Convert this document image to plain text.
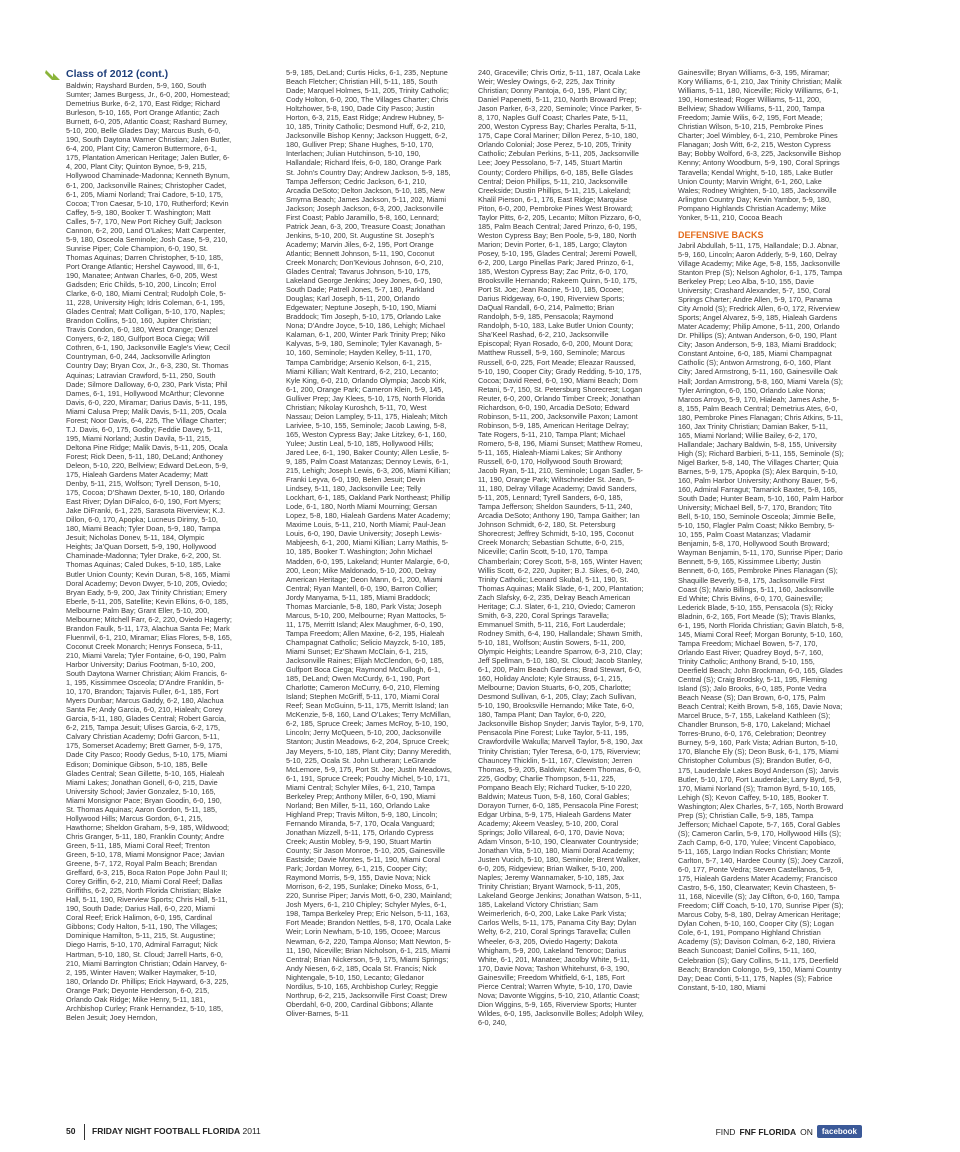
Class of 2012 (cont.)
Baldwin; Rayshard Burden, 5-9, 160, South Sumter; James Burgess, Jr., 6-0, 200, Homestead; Demetrius Burke, 6-2, 170, East Ridge; Richard Burleson, 5-10, 165, Port Orange Atlantic; Zach Burnett, 6-0, 205, Atlantic Coast; Rashard Burney, 5-10, 200, Belle Glades Day; Marcus Bush, 6-0, 190, South Daytona Warner Christian; Jalen Butler, 6-4, 200, Plant City; Cameron Buttermore, 6-1, 175, Plantation American Heritage; Jalen Butler, 6-4, 200, Plant City; Quinton Bynoe, 5-9, 215, Hollywood Chaminade-Madonna; Kenneth Bynum, 6-1, 200, Jacksonville Raines; Christopher Cadet, 6-1, 205, Miami Norland; Trai Cadore, 5-10, 175, Cocoa; T’ron Caesar, 5-10, 170, Rutherford; Kevin Caffey, 5-9, 180, Booker T. Washington; Matt Calles, 5-7, 170, New Port Richey Gulf; Jackson Cannon, 6-2, 200, Land O’Lakes; Matt Carpenter, 5-9, 180, Osceola Seminole; Josh Case, 5-9, 210, Sunrise Piper; Cole Champion, 6-0, 190, St. Thomas Aquinas; Darren Christopher, 5-10, 185, Port Orange Atlantic; Hershel Caywood, III, 6-1, 190, Manatee; Antwan Charles, 6-0, 205, West Gadsden; Eric Childs, 5-10, 200, Lincoln; Errol Clarke, 6-0, 180, Miami Central; Rudolph Cole, 5-11, 228, University High; Idris Coleman, 6-1, 195, Glades Central; Matt Colligan, 5-10, 170, Naples; Brandon Collins, 5-10, 160, Jupiter Christian; Travis Condon, 6-0, 180, West Orange; Denzel Conyers, 6-2, 180, Gulfport Boca Ciega; Will Cothren, 6-1, 190, Jacksonville Eagle’s View; Cecil Countryman, 6-0, 244, Jacksonville Arlington Country Day; Bryan Cox, Jr., 6-3, 230, St. Thomas Aquinas; Latravian Crawford, 5-11, 250, South Dade; Silmore Dalloway, 6-0, 230, Park Vista; Phil Dames, 6-1, 191, Hollywood McArthur; Clevonne Davis, 6-0, 220, Miramar; Darius Davis, 5-11, 195, Miami Calusa Prep; Malik Davis, 5-11, 205, Ocala Forest; Noor Davis, 6-4, 225, The Village Charter; T.J. Davis, 6-0, 175, Godby; Feddie Davey, 5-11, 195, Miami Norland; Justin Davila, 5-11, 215, Deltona Pine Ridge; Malik Davis, 5-11, 205, Ocala Forest; Rick Deen, 5-11, 180, DeLand; Anthoney Deleon, 5-10, 220, Bellview; Edward DeLeon, 5-9, 175, Hialeah Gardens Mater Academy; Matt Denby, 5-11, 215, Wolfson; Tyrell Denson, 5-10, 175, Cocoa; D’Shawn Dexter, 5-10, 180, Orlando East River; Dylan DiFalco, 6-0, 190, Fort Myers; Jake DiFranki, 6-1, 225, Sarasota Riverview; K.J. Dillon, 6-0, 170, Apopka; Lucneus Dirimy, 5-10, 180, Miami Beach; Tyler Doan, 5-9, 180, Tampa Jesuit; Nicholas Donev, 5-11, 184, Olympic Heights; Ja’Quan Dorsett, 5-9, 190, Hollywood Chaminade-Madonna; Tyler Drake, 6-2, 200, St. Thomas Aquinas; Caled Dukes, 5-10, 185, Lake Butler Union County; Kevin Duran, 5-8, 165, Miami Doral Academy; Devon Dwyer, 5-10, 205, Oviedo; Bryan Eady, 5-9, 200, Jax Trinity Christian; Emery Eberle, 5-11, 205, Satellite; Kevin Elkins, 6-0, 185, Melbourne Palm Bay; Grant Eller, 5-10, 200, Melbourne; Mitchell Farr, 6-2, 220, Oviedo Hagerty; Brandon Faulk, 5-11, 173, Alachua Santa Fe; Mark Fluennvil, 6-1, 210, Miramar; Elias Flores, 5-8, 165, Coconut Creek Monarch; Henrys Fonseca, 5-11, 210, Miami Varela; Tyler Fontaine, 6-0, 190, Palm Harbor University; Darius Footman, 5-10, 200, South Daytona Warner Christian; Akim Francis, 6-1, 195, Kissimmee Osceola; D’Andre Franklin, 5-10, 170, Brandon; Tajarvis Fuller, 6-1, 185, Fort Myers Dunbar; Marcus Gaddy, 6-2, 180, Alachua Santa Fe; Andy Garcia, 6-0, 210, Hialeah; Corey Garcia, 5-11, 180, Glades Central; Robert Garcia, 6-2, 215, Tampa Jesuit; Ulises Garcia, 6-2, 175, Calvary Christian Academy; Dofri Garcon, 5-11, 175, Somerset Academy; Brett Garner, 5-9, 175, Dade City Pasco; Roody Gedus, 5-10, 175, Miami Edison; Dominique Gibson, 5-10, 185, Belle Glades Central; Sean Gillette, 5-10, 165, Hialeah Miami Lakes; Jonathan Gonell, 6-0, 215, Davie University School; Javier Gonzalez, 5-10, 165, Miami Monsignor Pace; Bryan Goodin, 6-0, 190, St. Thomas Aquinas; Aaron Gordon, 5-11, 185, Hollywood Hills; Marcus Gordon, 6-1, 215, Hawthorne; Sheldon Graham, 5-9, 185, Wildwood; Chris Granger, 5-11, 180, Franklin County; Andre Green, 5-11, 185, Miami Coral Reef; Trenton Green, 5-10, 178, Miami Monsignor Pace; Javian Greene, 5-7, 172, Royal Palm Beach; Brendan Greffard, 6-3, 215, Boca Raton Pope John Paul II; Corey Griffin, 6-2, 210, Miami Coral Reef; Dallas Griffiths, 6-2, 225, North Florida Christian; Blake Hall, 5-11, 190, Riverview Sports; Chris Hall, 5-11, 190, South Dade; Darius Hall, 6-0, 220, Miami Coral Reef; Erick Halimon, 6-0, 195, Cardinal Gibbons; Cody Halton, 5-11, 190, The Villages; Dominique Hamilton, 5-11, 215, St. Augustine; Diego Harris, 5-10, 170, Admiral Farragut; Nick Hartman, 5-10, 180, St. Cloud; Jarrell Harts, 6-0, 210, Miami Barrington Christian; Odain Harvey, 6-2, 195, Winter Haven; Walker Haymaker, 5-10, 180, Orlando Dr. Phillips; Erick Hayward, 6-3, 225, Orange Park; Deyonte Henderson, 6-0, 215, Orlando Oak Ridge; Mike Henry, 5-11, 181, Archbishop Curley; Frank Hernandez, 5-10, 185, Belen Jesuit; Joey Herndon,
5-9, 185, DeLand; Curtis Hicks, 6-1, 235, Neptune Beach Fletcher; Christian Hill, 5-11, 185, South Dade; Marquel Holmes, 5-11, 205, Trinity Catholic; Cody Holton, 6-0, 200, The Villages Charter; Chris Holtzhower, 5-8, 190, Dade City Pasco; Justin Horton, 6-3, 215, East Ridge; Andrew Hubney, 5-10, 185, Trinity Catholic; Desmond Huff, 6-2, 210, Jacksonville Bishop Kenny; Jackson Huggett, 6-2, 180, Gulliver Prep; Shane Hughes, 5-10, 170, Interlachen; Julian Hutchinson, 5-10, 190, Hallandale; Richard Ifeis, 6-0, 180, Orange Park St. John’s Country Day; Andrew Jackson, 5-9, 185, Tampa Jefferson; Cedric Jackson, 6-1, 210, Arcadia DeSoto; Delton Jackson, 5-10, 185, New Smyrna Beach; James Jackson, 5-11, 202, Miami Jackson; Joseph Jackson, 6-3, 200, Jacksonville First Coast; Pablo Jaramillo, 5-8, 160, Lennard; Patrick Jean, 6-3, 200, Treasure Coast; Jonathan Jenkins, 5-10, 200, St. Augustine St. Joseph’s Academy; Marvin Jiles, 6-2, 195, Port Orange Atlantic; Bennett Johnson, 5-11, 190, Coconut Creek Monarch; Don’Kevious Johnson, 6-0, 210, Glades Central; Tavarus Johnson, 5-10, 175, Lakeland George Jenkins; Joey Jones, 6-0, 190, South Dade; Patrell Jones, 5-7, 180, Parkland Douglas; Karl Joseph, 5-11, 200, Orlando Edgewater; Neptune Joseph, 5-10, 190, Miami Braddock; Tim Joseph, 5-10, 175, Orlando Lake Nona; D’Andre Joyce, 5-10, 186, Lehigh; Michael Kalaman, 6-1, 200, Winter Park Trinity Prep; Niko Kalyvas, 5-9, 180, Seminole; Tyler Kavanagh, 5-10, 160, Seminole; Hayden Kelley, 5-11, 170, Tampa Cambridge; Arsenio Kelson, 6-1, 215, Miami Killian; Walt Kentrard, 6-2, 210, Lecanto; Kyle King, 6-0, 210, Orlando Olympia; Jacob Kirk, 6-1, 200, Orange Park; Cameron Klein, 5-9, 145, Gulliver Prep; Jay Klees, 5-10, 175, North Florida Christian; Nikolay Kuroshch, 5-11, 70, West Nassau; Deion Lampley, 5-11, 175, Hialeah; Mitch Lariviee, 5-10, 155, Seminole; Jacob Lawing, 5-8, 165, Weston Cypress Bay; Jake Litzkey, 6-1, 160, Yulee; Justin Leal, 5-10, 185, Hollywood Hills; Jared Lee, 6-1, 190, Baker County; Allen Leslie, 5-9, 185, Palm Coast Matanzas; Dennoy Lewis, 6-1, 215, Lehigh; Joseph Lewis, 6-3, 206, Miami Killian; Franki Leyva, 6-0, 190, Belen Jesuit; Devin Lindsey, 5-11, 180, Jacksonville Lee; Telly Lockhart, 6-1, 185, Oakland Park Northeast; Phillip Lode, 6-1, 180, North Miami Mourning; Gersan Lopez, 5-8, 180, Hialeah Gardens Mater Academy; Maxime Louis, 5-11, 210, North Miami; Paul-Jean Louis, 6-0, 190, Davie University; Joseph Lewis-Mabjeesh, 6-1, 200, Miami Killian; Larry Mathis, 5-10, 185, Booker T. Washington; John Michael Madden, 6-0, 195, Lakeland; Hunter Malargie, 6-0, 200, Leon; Mike Maldonado, 5-10, 200, Delray American Heritage; Deon Mann, 6-1, 200, Miami Central; Ryan Mantell, 6-0, 190, Barron Collier; Jordy Manyama, 5-11, 185, Miami Braddock; Thomas Marcianle, 5-8, 180, Park Vista; Joseph Marcus, 5-10, 200, Melbourne; Ryan Mattocks, 5-11, 175, Merritt Island; Alex Maughmer, 6-0, 190, Tampa Freedom; Allen Maxine, 6-2, 195, Hialeah Champagnat Catholic; Selicio Mayzck, 5-10, 185, Miami Sunset; Ez’Shawn McClain, 6-1, 215, Jacksonville Raines; Elijah McClendon, 6-0, 185, Gulfport Boca Ciega; Raymond McCullogh, 6-1, 185, DeLand; Owen McCurdy, 6-1, 190, Port Charlotte; Cameron McCurry, 6-0, 210, Fleming Island; Stephen McGriff, 5-11, 170, Miami Coral Reef; Sean McGuinn, 5-11, 175, Merritt Island; Ian McKenzie, 5-8, 160, Land O’Lakes; Terry McMillan, 6-2, 185, Spruce Creek; James McRoy, 5-10, 190, Lincoln; Jerry McQueen, 5-10, 200, Jacksonville Stanton; Justin Meadows, 6-2, 204, Spruce Creek; Jay Meyers, 5-10, 185, Plant City; Danny Meredith, 5-10, 225, Ocala St. John Lutheran; LeGrande McLemore, 5-9, 175, Port St. Joe; Justin Meadows, 6-1, 191, Spruce Creek; Pouchy Michel, 5-10, 171, Miami Central; Schyler Miles, 6-1, 210, Tampa Berkeley Prep; Anthony Miller, 6-0, 190, Miami Norland; Ben Miller, 5-11, 160, Orlando Lake Highland Prep; Travis Milton, 5-9, 180, Lincoln; Fernando Miranda, 5-7, 170, Ocala Vanguard; Jonathan Mizzell, 5-11, 175, Orlando Cypress Creek; Austin Mobley, 5-9, 190, Stuart Martin County; Sir Jason Monroe, 5-10, 205, Gainesville Eastside; Davie Montes, 5-11, 190, Miami Coral Park; Jordan Morrey, 6-1, 215, Cooper City; Raymond Morris, 5-9, 155, Davie Nova; Nick Morrison, 6-2, 195, Sunlake; Dineko Moss, 6-1, 220, Sunrise Piper; Jarvis Mott, 6-0, 230, Mainland; Josh Myers, 6-1, 210 Chipley; Schyler Myles, 6-1, 198, Tampa Berkeley Prep; Eric Nelson, 5-11, 163, Fort Meade; Brandon Nettles, 5-8, 170, Ocala Lake Weir; Lorin Newham, 5-10, 195, Ocoee; Marcus Newman, 6-2, 220, Tampa Alonso; Matt Newton, 5-11, 190, Niceville; Brian Nicholson, 6-1, 215, Miami Central; Brian Nickerson, 5-9, 175, Miami Springs; Andy Niesen, 6-2, 185, Ocala St. Francis; Nick Nightengale, 5-10, 150, Lecanto; Gledanor Nordilus, 5-10, 165, Archbishop Curley; Reggie Northrup, 6-2, 215, Jacksonville First Coast; Drew Oberdahl, 6-0, 200, Cardinal Gibbons; Allante Oliver-Barnes, 5-11
240, Graceville; Chris Ortiz, 5-11, 187, Ocala Lake Weir; Wesley Owings, 6-2, 225, Jax Trinity Christian; Donny Pantoja, 6-0, 195, Plant City; Daniel Papenetti, 5-11, 210, North Broward Prep; Jason Parker, 6-3, 220, Seminole; Vince Parker, 5-8, 170, Naples Gulf Coast; Charles Pate, 5-11, 200, Weston Cypress Bay; Charles Peralta, 5-11, 175, Cape Coral Mariner; Dillon Perez, 5-10, 180, Orlando Colonial; Jose Perez, 5-10, 205, Trinity Catholic; Zebulan Perkins, 5-11, 205, Jacksonville Lee; Joey Pessolano, 5-7, 145, Stuart Martin County; Cordero Phillips, 6-0, 185, Belle Glades Central; Deion Phillips, 5-11, 210, Jacksonville Creekside; Dustin Phillips, 5-11, 215, Lakeland; Khalil Pierson, 6-1, 176, East Ridge; Marquise Piton, 6-0, 200, Pembroke Pines West Broward; Taylor Pitts, 6-2, 205, Lecanto; Milton Pizzaro, 6-0, 185, Palm Beach Central; Jared Prinzo, 6-0, 195, Weston Cypress Bay; Ben Poole, 5-9, 180, North Marion; Devin Porter, 6-1, 185, Largo; Clayton Posey, 5-10, 195, Glades Central; Jeremi Powell, 6-2, 200, Largo Pinellas Park; Jared Prinzo, 6-1, 185, Weston Cypress Bay; Zac Pritz, 6-0, 170, Brooksville Hernando; Rakeem Quinn, 5-10, 175, Port St. Joe; Jean Racine, 5-10, 185, Ocoee; Darius Ridgeway, 6-0, 190, Riverview Sports; DaQual Randall, 6-0, 214, Palmetto; Brian Randolph, 5-9, 185, Pensacola; Raymond Randolph, 5-10, 183, Lake Butler Union County; Sha’Keel Rashad, 6-2, 210, Jacksonville Episcopal; Ryan Rosado, 6-0, 200, Mount Dora; Matthew Russell, 5-9, 160, Seminole; Marcus Russell, 6-0, 225, Fort Meade; Eleazar Raussed, 5-10, 190, Cooper City; Grady Redding, 5-10, 175, Cocoa; David Reed, 6-0, 190, Miami Beach; Dom Retani, 5-7, 150, St. Petersburg Shorecrest; Logan Reuter, 6-0, 200, Orlando Timber Creek; Jonathan Richardson, 6-0, 190, Arcadia DeSoto; Edward Robinson, 5-11, 200, Jacksonville Paxon; Lamont Robinson, 5-9, 185, American Heritage Delray; Tate Rogers, 5-11, 210, Tampa Plant; Michael Romero, 5-8, 196, Miami Sunset; Matthew Romeu, 5-11, 165, Hialeah-Miami Lakes; Sir Anthony Russell, 6-0, 170, Hollywood South Broward; Jacob Ryan, 5-11, 210, Seminole; Logan Sadler, 5-11, 190, Orange Park; Wiltschneider St. Jean, 5-11, 180, Delray Village Academy; David Sanders, 5-11, 205, Lennard; Tyrell Sanders, 6-0, 185, Tampa Jefferson; Sheldon Saunders, 5-11, 240, Arcadia DeSoto; Anthony 190, Tampa Gaither; Ian Johnson Schmidt, 6-2, 180, St. Petersburg Shorecrest; Jeffrey Schmidt, 5-10, 195, Coconut Creek Monarch; Sebastian Schutte, 6-0, 215, Niceville; Carlin Scott, 5-10, 170, Tampa Chamberlain; Corey Scott, 5-8, 165, Winter Haven; Willis Scott, 6-2, 220, Jupiter; B.J. Sikes, 6-0, 240, Trinity Catholic; Leonard Skubal, 5-11, 190, St. Thomas Aquinas; Malik Slade, 6-1, 200, Plantation; Zach Slafsky, 6-2, 235, Delray Beach American Heritage; C.J. Slater, 6-1, 210, Oviedo; Cameron Smith, 6-3, 220, Coral Springs Taravella; Emmanuel Smith, 5-11, 216, Fort Lauderdale; Rodney Smith, 6-4, 190, Hallandale; Shawn Smith, 5-10, 181, Wolfson; Austin Sowers, 5-11, 200, Olympic Heights; Leandre Sparrow, 6-3, 210, Clay; Jeff Spellman, 5-10, 180, St. Cloud; Jacob Stanley, 6-1, 200, Palm Beach Gardens; Brad Stewart, 6-0, 160, Holiday Anclote; Kyle Strauss, 6-1, 215, Melbourne; Davion Stuarts, 6-0, 205, Charlotte; Desmond Sullivan, 6-1, 205, Clay; Zach Sullivan, 5-10, 190, Brooksville Hernando; Mike Tate, 6-0, 180, Tampa Plant; Dan Taylor, 6-0, 220, Jacksonville Bishop Snyder; Jarvis Taylor, 5-9, 170, Pensacola Pine Forest; Luke Taylor, 5-11, 195, Crawfordville Wakulla; Marvell Taylor, 5-8, 190, Jax Trinity Christian; Tyler Teresa, 6-0, 175, Riverview; Chauncey Thicklin, 5-11, 167, Clewiston; Jerren Thomas, 5-9, 205, Baldwin; Kadeem Thomas, 6-0, 225, Godby; Charlie Thompson, 5-11, 225, Pompano Beach Ely; Richard Tucker, 5-10 220, Baldwin; Mateus Tuon, 5-8, 160, Coral Gables; Dorayon Turner, 6-0, 185, Pensacola Pine Forest; Edgar Urbina, 5-9, 175, Hialeah Gardens Mater Academy; Akeem Veasley, 5-10, 200, Coral Springs; Jollo Villareal, 6-0, 170, Davie Nova; Adam Vinson, 5-10, 190, Clearwater Countryside; Jonathan Vita, 5-10, 180, Miami Doral Academy; Justen Vucich, 5-10, 180, Seminole; Brent Walker, 6-0, 205, Ridgeview; Brian Walker, 5-10, 200, Naples; Jeremy Wannamaker, 5-10, 185, Jax Trinity Christian; Bryant Warnock, 5-11, 205, Lakeland George Jenkins; Jonathan Watson, 5-11, 185, Lakeland Victory Christian; Sam Weimerlerich, 6-0, 200, Lake Lake Park Vista; Carlos Wells, 5-11, 175, Panama City Bay; Dylan Welty, 6-2, 210, Coral Springs Taravella; Cullen Wheeler, 6-3, 205, Oviedo Hagerty; Dakota Whigham, 5-9, 200, Lakeland Tenoroc; Darius White, 6-1, 201, Manatee; Jacolby White, 5-11, 170, Davie Nova; Tashon Whitehurst, 6-3, 190, Gainesville; Freedom Whitfield, 6-1, 185, Fort Pierce Central; Warren Whyte, 5-10, 170, Davie Nova; Davonte Wiggins, 5-10, 210, Atlantic Coast; Dion Wiggins, 5-9, 165, Riverview Sports; Hunter Wildes, 6-0, 195, Jacksonville Bolles; Adolph Wiley, 6-0, 240,
Gainesville; Bryan Williams, 6-3, 195, Miramar; Kory Williams, 6-1, 210, Jax Trinity Christian; Malik Williams, 5-11, 180, Niceville; Ricky Williams, 6-1, 190, Homestead; Roger Williams, 5-11, 200, Bellview; Shadow Williams, 5-11, 200, Tampa Freedom; Jamie Wilis, 6-2, 195, Fort Meade; Christian Wilson, 5-10, 215, Pembroke Pines Charter; Joel Wimbley, 6-1, 210, Pembroke Pines Flanagan; Josh Witt, 6-2, 215, Weston Cypress Bay; Bobby Wolford, 6-3, 225, Jacksonville Bishop Kenny; Antony Woodburn, 5-9, 190, Coral Springs Taravella; Kendal Wright, 5-10, 185, Lake Butler Union County; Marvin Wright, 6-1, 260, Lake Wales; Rodney Wrighten, 5-10, 185, Jacksonville Arlington Country Day; Kevin Yambor, 5-9, 180, Pompano Highlands Christian Academy; Mike Yonker, 5-11, 210, Cocoa Beach
DEFENSIVE BACKS
Jabril Abdullah, 5-11, 175, Hallandale; D.J. Abnar, 5-9, 160, Lincoln; Aaron Adderly, 5-9, 160, Delray Village Academy; Mike Age, 5-8, 155, Jacksonville Stanton Prep (S); Nelson Agholor, 6-1, 175, Tampa Berkeley Prep; Leo Alba, 5-10, 155, Davie University; Crashard Alexander, 5-7, 150, Coral Springs Charter; Andre Allen, 5-9, 170, Panama City Arnold (S); Fredrick Allen, 6-0, 172, Riverview Sports; Angel Alvarez, 5-9, 185, Hialeah Gardens Mater Academy; Philip Amone, 5-11, 200, Orlando Dr. Phillips (S); Antwan Anderson, 6-0, 190, Plant City; Jason Anderson, 5-9, 183, Miami Braddock; Constant Antoine, 6-0, 185, Miami Champagnat Catholic (S); Antwon Armstrong, 6-0, 160, Plant City; Jared Armstrong, 5-11, 160, Gainesville Oak Hall; Jordan Armstrong, 5-8, 160, Miami Varela (S); Tyler Arrington, 6-0, 150, Orlando Lake Nona; Marcos Arroyo, 5-9, 170, Hialeah; James Ashe, 5-8, 155, Palm Beach Central; Demetrius Ates, 6-0, 180, Pembroke Pines Flanagan; Chris Atkins, 5-11, 160, Jax Trinity Christian; Damian Baker, 5-11, 165, Miami Norland; Willie Bailey, 6-2, 170, Hallandale; Jachary Baldwin, 5-8, 155, University High (S); Richard Barbieri, 5-11, 155, Seminole (S); Nigel Barker, 5-8, 140, The Villages Charter; Quia Barnes, 5-9, 175, Apopka (S); Alex Barquin, 5-10, 160, Palm Harbor University; Anthony Bauer, 5-6, 160, Admiral Farragut; Tamarick Baxter, 5-8, 165, South Dade; Hunter Beam, 5-10, 160, Palm Harbor University; Michael Bell, 5-7, 170, Brandon; Tito Bell, 5-10, 150, Seminole Osceola; Jimmie Belle, 5-10, 150, Flagler Palm Coast; Nikko Bembry, 5-10, 155, Palm Coast Matanzas; Vladamir Benjamin, 5-8, 170, Hollywood South Broward; Wayman Benjamin, 5-11, 170, Sunrise Piper; Dario Bennett, 5-9, 165, Kissimmee Liberty; Justin Bennett, 6-0, 165, Pembroke Pines Flanagan (S); Shaquille Beverly, 5-8, 175, Jacksonville First Coast (S); Mario Billings, 5-11, 160, Jacksonville Ed White; Chris Bivins, 6-0, 170, Gainesville; Lederick Blade, 5-10, 155, Pensacola (S); Ricky Bladnin, 6-2, 165, Fort Meade (S); Travis Blanks, 6-1, 195, North Florida Christian; Gavin Blatch, 5-8, 145, Miami Coral Reef; Morgan Borunty, 5-10, 160, Tampa Freedom; Michael Bowen, 5-7, 170, Orlando East River; Quadrey Boyd, 5-7, 160, Trinity Catholic; Anthony Brand, 5-10, 155, Deerfield Beach; John Brockman, 6-0, 165, Glades Central (S); Craig Brodsky, 5-11, 195, Fleming Island (S); Jalo Brooks, 6-0, 185, Ponte Vedra Beach Nease (S); Dan Brown, 6-0, 175, Palm Beach Central; Keith Brown, 5-8, 165, Davie Nova; Marcel Bruce, 5-7, 155, Lakeland Kathleen (S); Chandler Brunson, 5-8, 170, Lakeland; Michael Torres-Bruno, 6-0, 176, Celebration; Deontrey Burney, 5-9, 160, Park Vista; Adrian Burton, 5-10, 170, Blanche Ely (S); Deon Busk, 6-1, 175, Miami Christopher Columbus (S); Brandon Butler, 6-0, 175, Lauderdale Lakes Boyd Anderson (S); Jarvis Butler, 5-10, 170, Fort Lauderdale; Larry Byrd, 5-9, 170, Miami Norland (S); Tramon Byrd, 5-10, 165, Lehigh (S); Kevon Caffey, 5-10, 185, Booker T. Washington; Alex Charles, 5-7, 165, North Broward Prep (S); Christian Calle, 5-9, 185, Tampa Jefferson; Michael Capote, 5-7, 165, Coral Gables (S); Cameron Carlin, 5-9, 170, Hollywood Hills (S); Zach Camp, 6-0, 170, Yulee; Vincent Capobiaco, 5-11, 165, Largo Indian Rocks Christian; Monte Carlton, 5-7, 140, Hardee County (S); Joey Carzoli, 6-0, 177, Ponte Vedra; Steven Castellanos, 5-9, 175, Hialeah Gardens Mater Academy; Francisco Castro, 5-6, 150, Clearwater; Kevin Chasteen, 5-11, 168, Niceville (S); Jay Clifton, 6-0, 160, Tampa Freedom; Cliff Coach, 5-10, 170, Sunrise Piper (S); Marcus Coby, 5-8, 180, Delray American Heritage; Dylan Cohen, 5-10, 160, Cooper City (S); Logan Cole, 6-1, 191, Pompano Highland Christian Academy (S); Davison Colman, 6-2, 180, Riviera Beach Suncoast; Daniel Collins, 5-11, 160, Celebration (S); Gary Collins, 5-11, 175, Deerfield Beach; Brandon Colongo, 5-9, 150, Miami Country Day; Deac Conti, 5-11, 175, Naples (S); Fabrice Constant, 5-10, 180, Miami
50 FRIDAY NIGHT FOOTBALL FLORIDA 2011	FIND FNF FLORIDA ON	facebook
